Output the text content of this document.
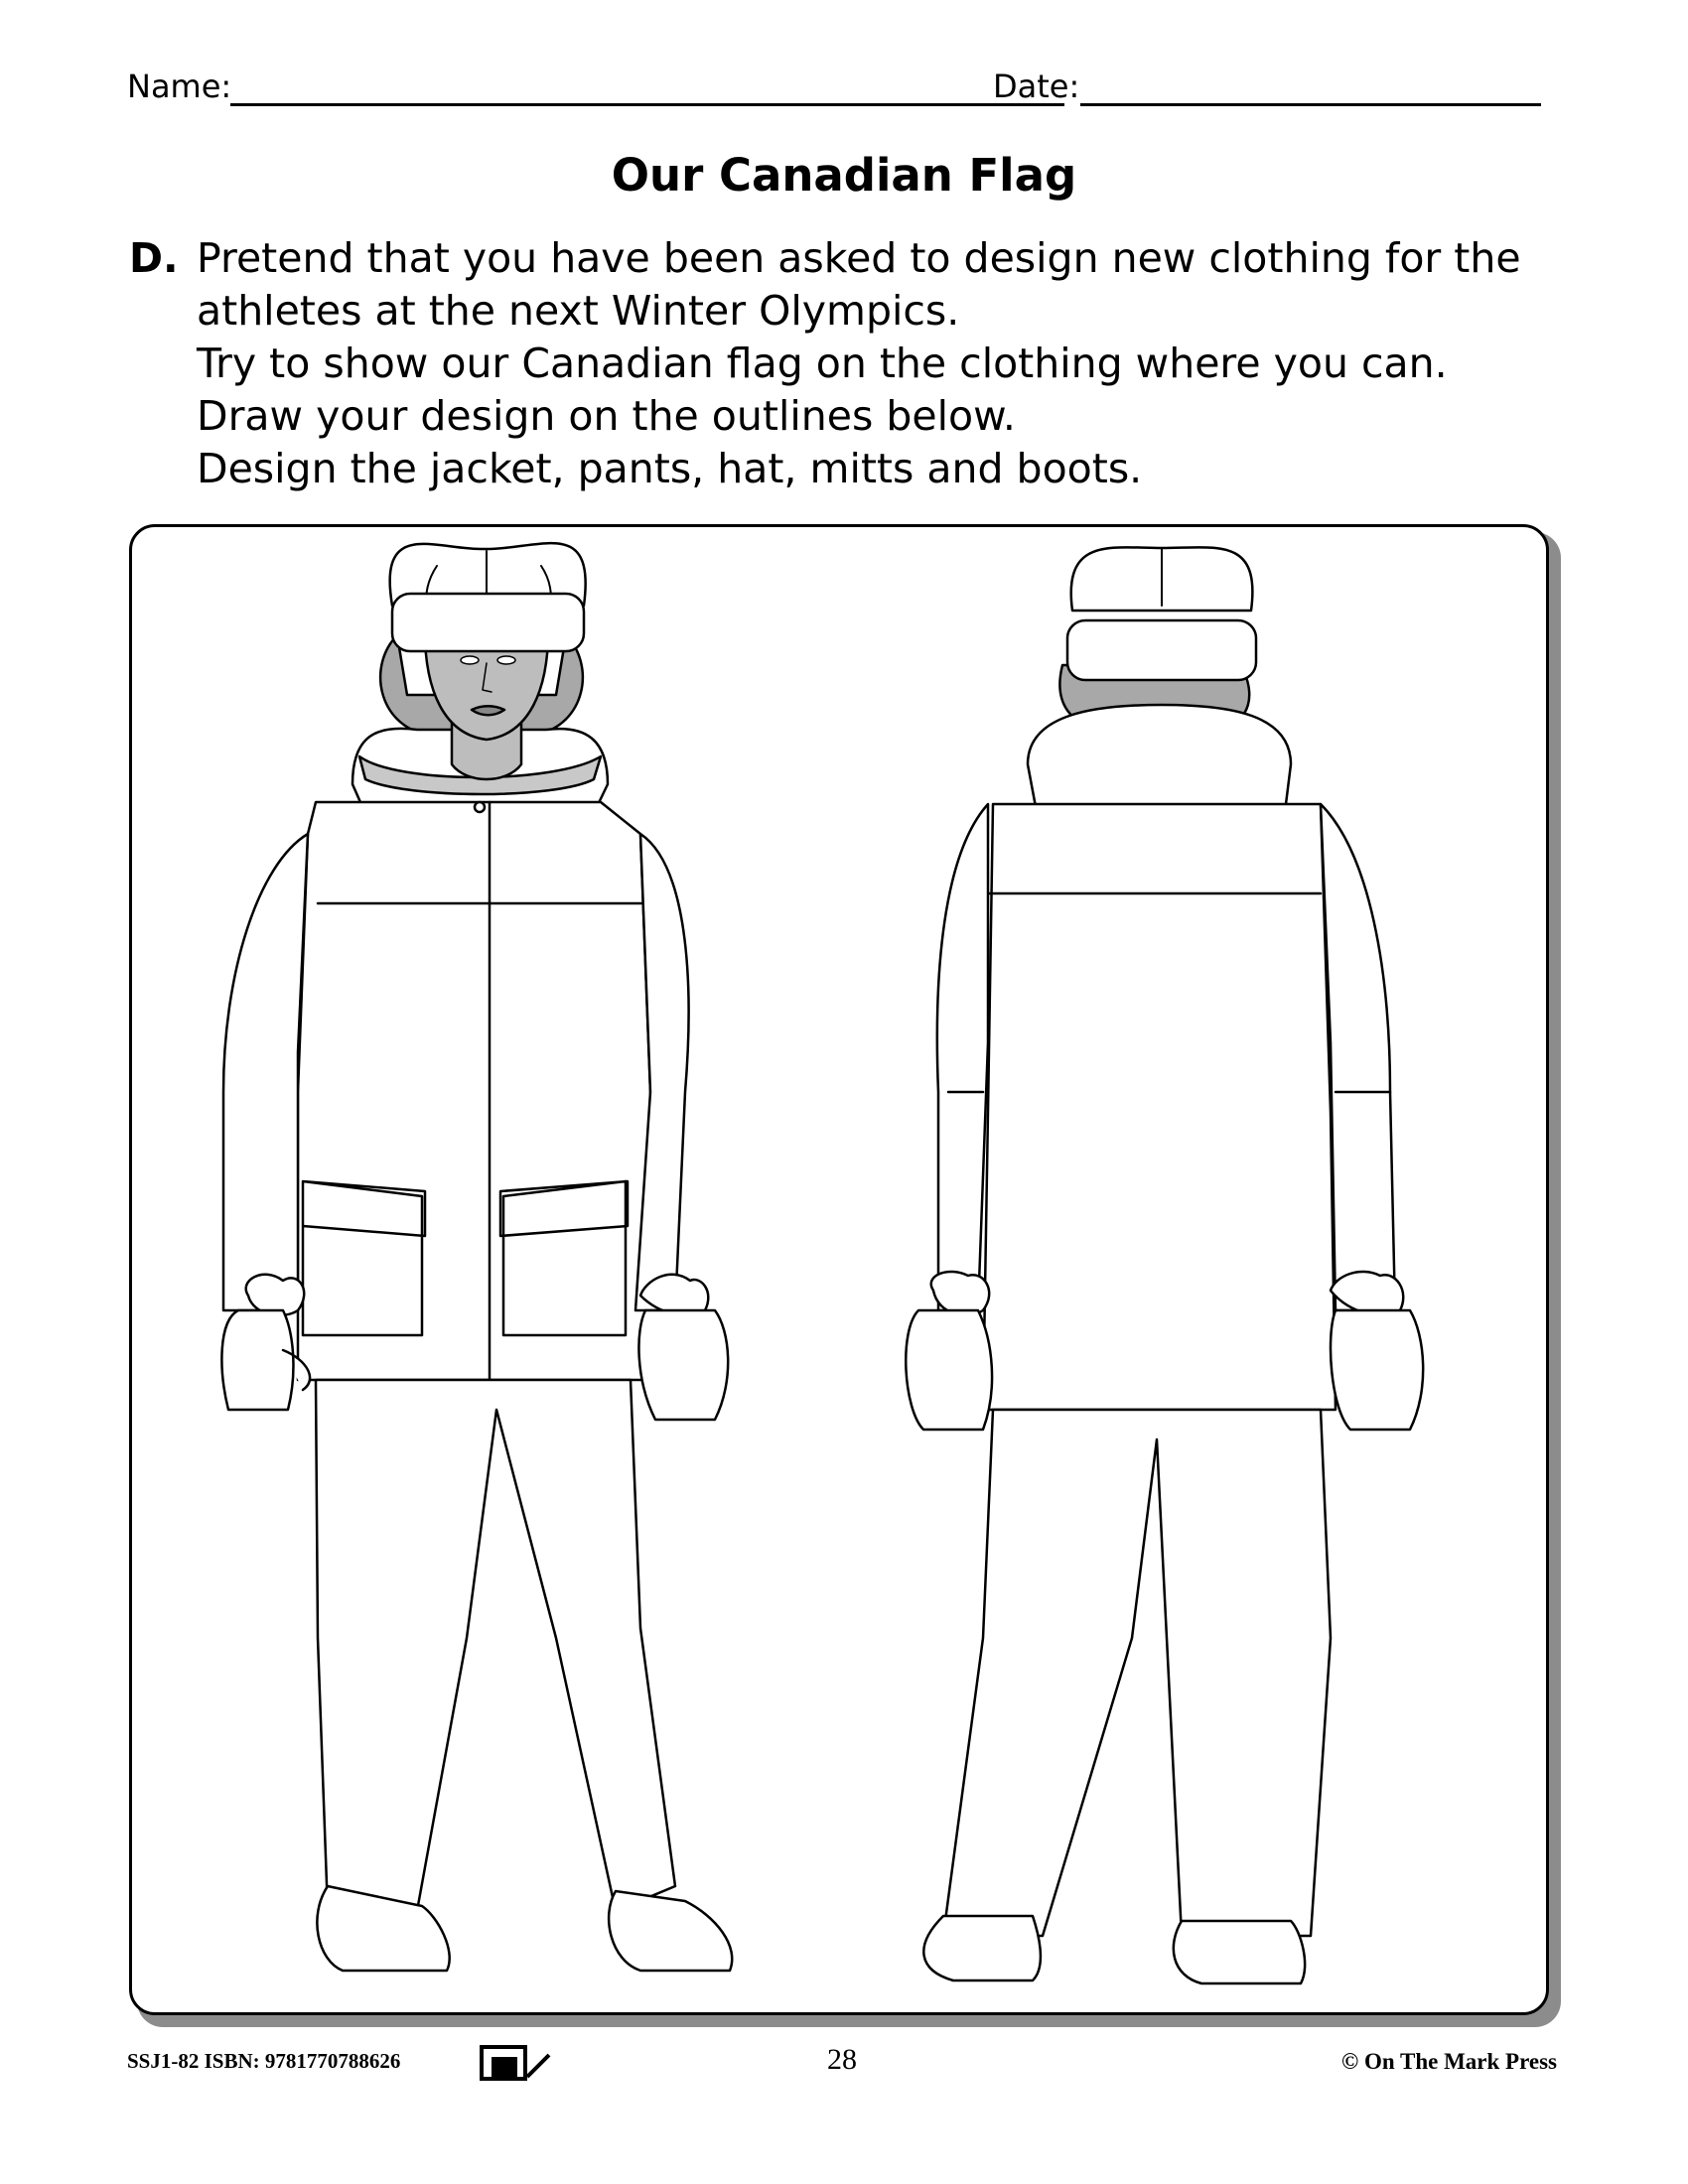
Name:	Date:
Our Canadian Flag
D. Pretend that you have been asked to design new clothing for the
athletes at the next Winter Olympics.
Try to show our Canadian flag on the clothing where you can.
Draw your design on the outlines below.
Design the jacket, pants, hat, mitts and boots.
SSJ1-82 ISBN: 9781770788626	28	© On The Mark Press
